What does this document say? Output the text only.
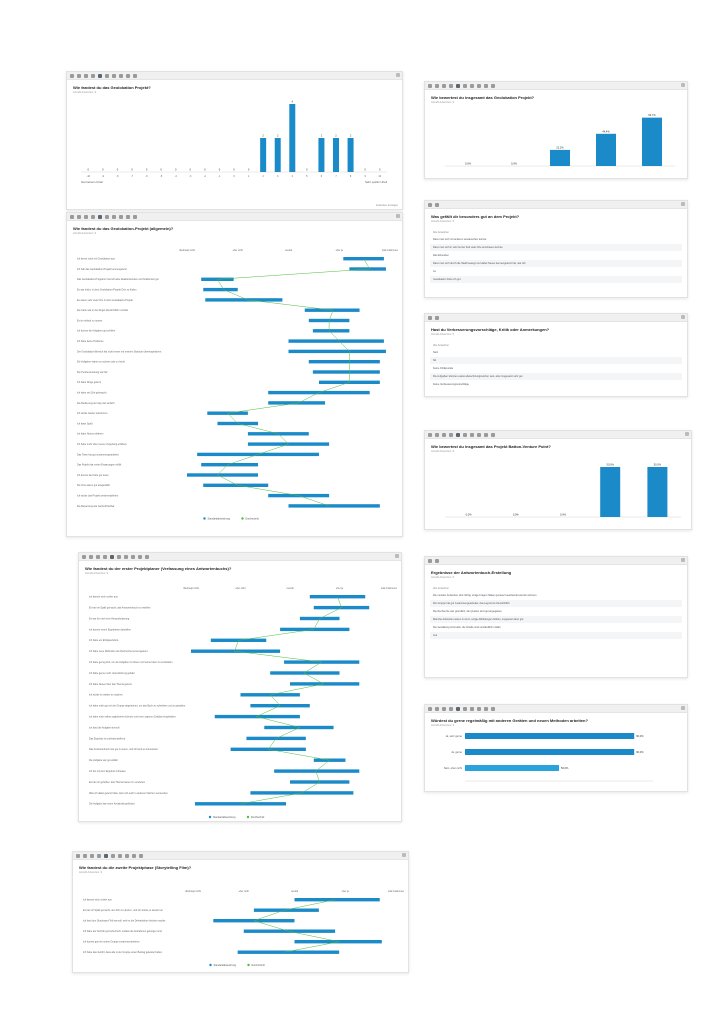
Wie fandest du das Geolokation Projekt?
Anzahl Antworten: 9
0
-10
0
-9
0
-8
0
-7
0
-6
0
-5
0
-4
0
-3
0
-2
0
-1
0
0
0
1
2
2
2
3
4
4
0
5
2
6
2
7
2
8
0
9
0
10
Gar keinem Urteil	Sehr positiv Urteil
Antworten anzeigen
Wie bewertest du insgesamt das Geolokation Projekt?
Anzahl Antworten: 9
0,0%	0,0%
22,2%
44,4%
66,7%
Wie fandest du das Geolokation-Projekt (allgemein)?
Anzahl Antworten: 9
überhaupt nicht	eher nicht	neutral	eher ja	total zustimmen
Ich kenne mich mit Geolokation aus
Ich hab das Geolokation-Projekt kennengelernt
Das Geolokation-Programm hat schnelle Reaktionszeiten und funktioniert gut
Es war leicht, in dem Geolokation-Projekt Orte zu finden
Es waren sehr viele Orte in dem Geolokation-Projekt
Die Karte war in der Regel übersichtlich und klar
Es ist einfach zu nutzen
Ich konnte die Aufgaben gut erfüllen
Ich hatte keine Probleme
Der Geolokation-Bereich hat nicht immer mit meinem Standort übereingestimmt
Die Aufgaben waren zu schwer oder zu leicht
Die Punkteverteilung war fair
Ich habe Dinge gelernt
Ich habe viel Zeit gebraucht
Die Bedienung der App war einfach
Ich würde wieder teilnehmen
Ich hatte Spaß
Ich habe Neues erfahren
Ich habe mehr über meine Umgebung erfahren
Das Team hat gut zusammengearbeitet
Das Projekt hat meine Erwartungen erfüllt
Ich konnte die Karte gut lesen
Die Orte waren gut ausgewählt
Ich würde das Projekt weiterempfehlen
Die Bewertung war nachvollziehbar
Standardabweichung	Durchschnitt
Was gefällt dir besonders gut an dem Projekt?
Anzahl Antworten: 5
Alle Antworten
Dass man sich mit anderen austauschen konnte
Dass man sich in sehr kurzer Zeit viele Orte anschauen konnte
Das Erkunden
Dass man sich durch die Stadt bewegt und dabei Neues kennengelernt hat, war toll
Ja
Geolokation finde ich gut
Hast du Verbesserungsvorschläge, Kritik oder Anmerkungen?
Anzahl Antworten: 5
Alle Antworten
Nein
Nö
Keine Kritikpunkte
Die Aufgaben könnten etwas abwechslungsreicher sein, aber insgesamt sehr gut
Keine Verbesserungsvorschläge
Wie bewertest du insgesamt das Projekt Batton-Venture Point?
Anzahl Antworten: 9
0,0%	0,0%	0,0%
50,0%	50,0%
Wie fandest du der erster Projektplaner (Verfassung eines Antwortenbuchs)?
Anzahl Antworten: 9
überhaupt nicht	eher nicht	neutral	eher ja	total zustimmen
Ich kannte mich vorher aus
Es hat mir Spaß gemacht, das Antwortenbuch zu erstellen
Es war für mich eine Herausforderung
Ich konnte meine Ergebnisse darstellen
Ich hatte ein Erfolgserlebnis
Ich habe neue Methoden der Recherche kennengelernt
Ich hatte genug Zeit, um die Aufgaben zu lösen und meine Ideen zu entwickeln
Ich hätte gerne mehr Unterstützung gehabt
Ich habe Neues über das Thema gelernt
Ich würde es wieder so machen
Ich habe mich gut mit der Gruppe abgestimmt, um das Buch zu schreiben und zu gestalten
Ich habe mich selbst organisieren können und einen eigenen Zeitplan eingehalten
Ich fand die Aufgabe sinnvoll
Das Ergebnis ist zufriedenstellend
Das Antwortenbuch war gut zu lesen, und ich fand es interessant
Die Aufgabe war gut erklärt
Ich bin mit dem Ergebnis zufrieden
Es hat mir geholfen, das Thema besser zu verstehen
Was ich dabei gelernt habe, kann ich auch in anderen Fächern verwenden
Die Aufgabe hat meine Kreativität gefördert
Standardabweichung	Durchschnitt
Ergebnisse der Antwortenbuch-Erstellung
Anzahl Antworten: 6
Alle Antworten
Die meisten Antworten sind richtig, einige Fragen hätten genauer beantwortet werden können
Die Gruppe hat gut zusammengearbeitet, das Layout ist übersichtlich
Die Recherche war gründlich, die Quellen sind gut angegeben
Manche Antworten waren zu kurz, einige Abbildungen fehlten, insgesamt aber gut
Die Gestaltung ist kreativ, die Inhalte sind verständlich erklärt
Gut
Würdest du gerne regelmäßig mit anderen Geräten und neuen Methoden arbeiten?
Anzahl Antworten: 9
Ja, sehr gerne	90,0%
Ja, gerne	90,0%
Nein, eher nicht	50,0%
Wie fandest du die zweite Projektphase (Storytelling Film)?
Anzahl Antworten: 9
überhaupt nicht	eher nicht	neutral	eher ja	total zustimmen
Ich kannte mich vorher aus
Es hat mir Spaß gemacht, den Film zu drehen, und ich würde es wieder tun
Ich fand den Storyboard-Teil sinnvoll, weil es die Dreharbeiten leichter machte
Ich habe die Technik gut beherrscht, sodass die Aufnahmen gelungen sind
Ich konnte gut mit meiner Gruppe zusammenarbeiten
Ich hatte das Gefühl, dass alle in der Gruppe einen Beitrag geleistet haben
Standardabweichung	Durchschnitt
